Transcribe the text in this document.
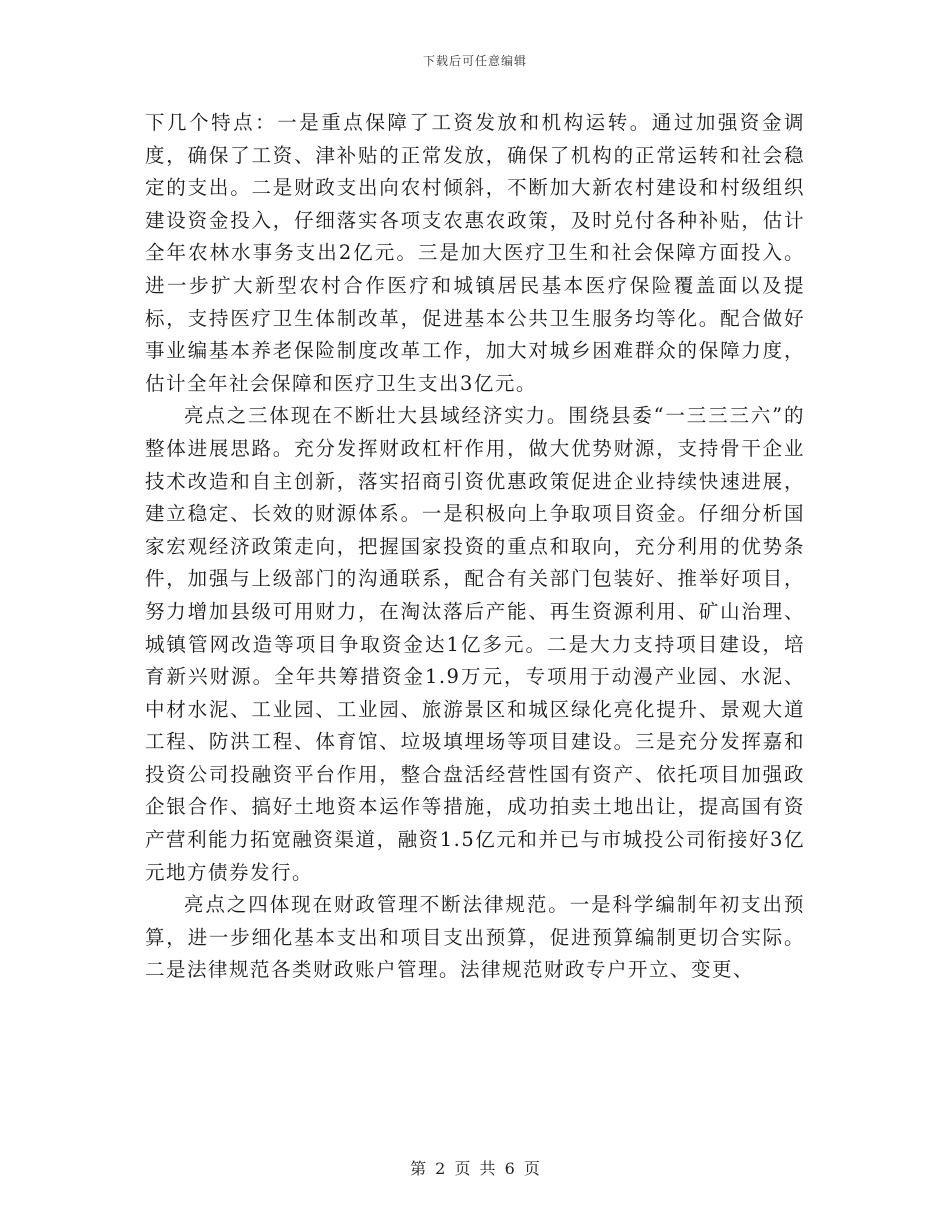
下载后可任意编辑

下几个特点：一是重点保障了工资发放和机构运转。通过加强资金调度，确保了工资、津补贴的正常发放，确保了机构的正常运转和社会稳定的支出。二是财政支出向农村倾斜，不断加大新农村建设和村级组织建设资金投入，仔细落实各项支农惠农政策，及时兑付各种补贴，估计全年农林水事务支出2亿元。三是加大医疗卫生和社会保障方面投入。进一步扩大新型农村合作医疗和城镇居民基本医疗保险覆盖面以及提标，支持医疗卫生体制改革，促进基本公共卫生服务均等化。配合做好事业编基本养老保险制度改革工作，加大对城乡困难群众的保障力度，估计全年社会保障和医疗卫生支出3亿元。

亮点之三体现在不断壮大县域经济实力。围绕县委“一三三三六”的整体进展思路。充分发挥财政杠杆作用，做大优势财源，支持骨干企业技术改造和自主创新，落实招商引资优惠政策促进企业持续快速进展，建立稳定、长效的财源体系。一是积极向上争取项目资金。仔细分析国家宏观经济政策走向，把握国家投资的重点和取向，充分利用的优势条件，加强与上级部门的沟通联系，配合有关部门包装好、推举好项目，努力增加县级可用财力，在淘汰落后产能、再生资源利用、矿山治理、城镇管网改造等项目争取资金达1亿多元。二是大力支持项目建设，培育新兴财源。全年共筹措资金1.9万元，专项用于动漫产业园、水泥、中材水泥、工业园、工业园、旅游景区和城区绿化亮化提升、景观大道工程、防洪工程、体育馆、垃圾填埋场等项目建设。三是充分发挥嘉和投资公司投融资平台作用，整合盘活经营性国有资产、依托项目加强政企银合作、搞好土地资本运作等措施，成功拍卖土地出让，提高国有资产营利能力拓宽融资渠道，融资1.5亿元和并已与市城投公司衔接好3亿元地方债券发行。

亮点之四体现在财政管理不断法律规范。一是科学编制年初支出预算，进一步细化基本支出和项目支出预算，促进预算编制更切合实际。二是法律规范各类财政账户管理。法律规范财政专户开立、变更、

第 2 页 共 6 页
